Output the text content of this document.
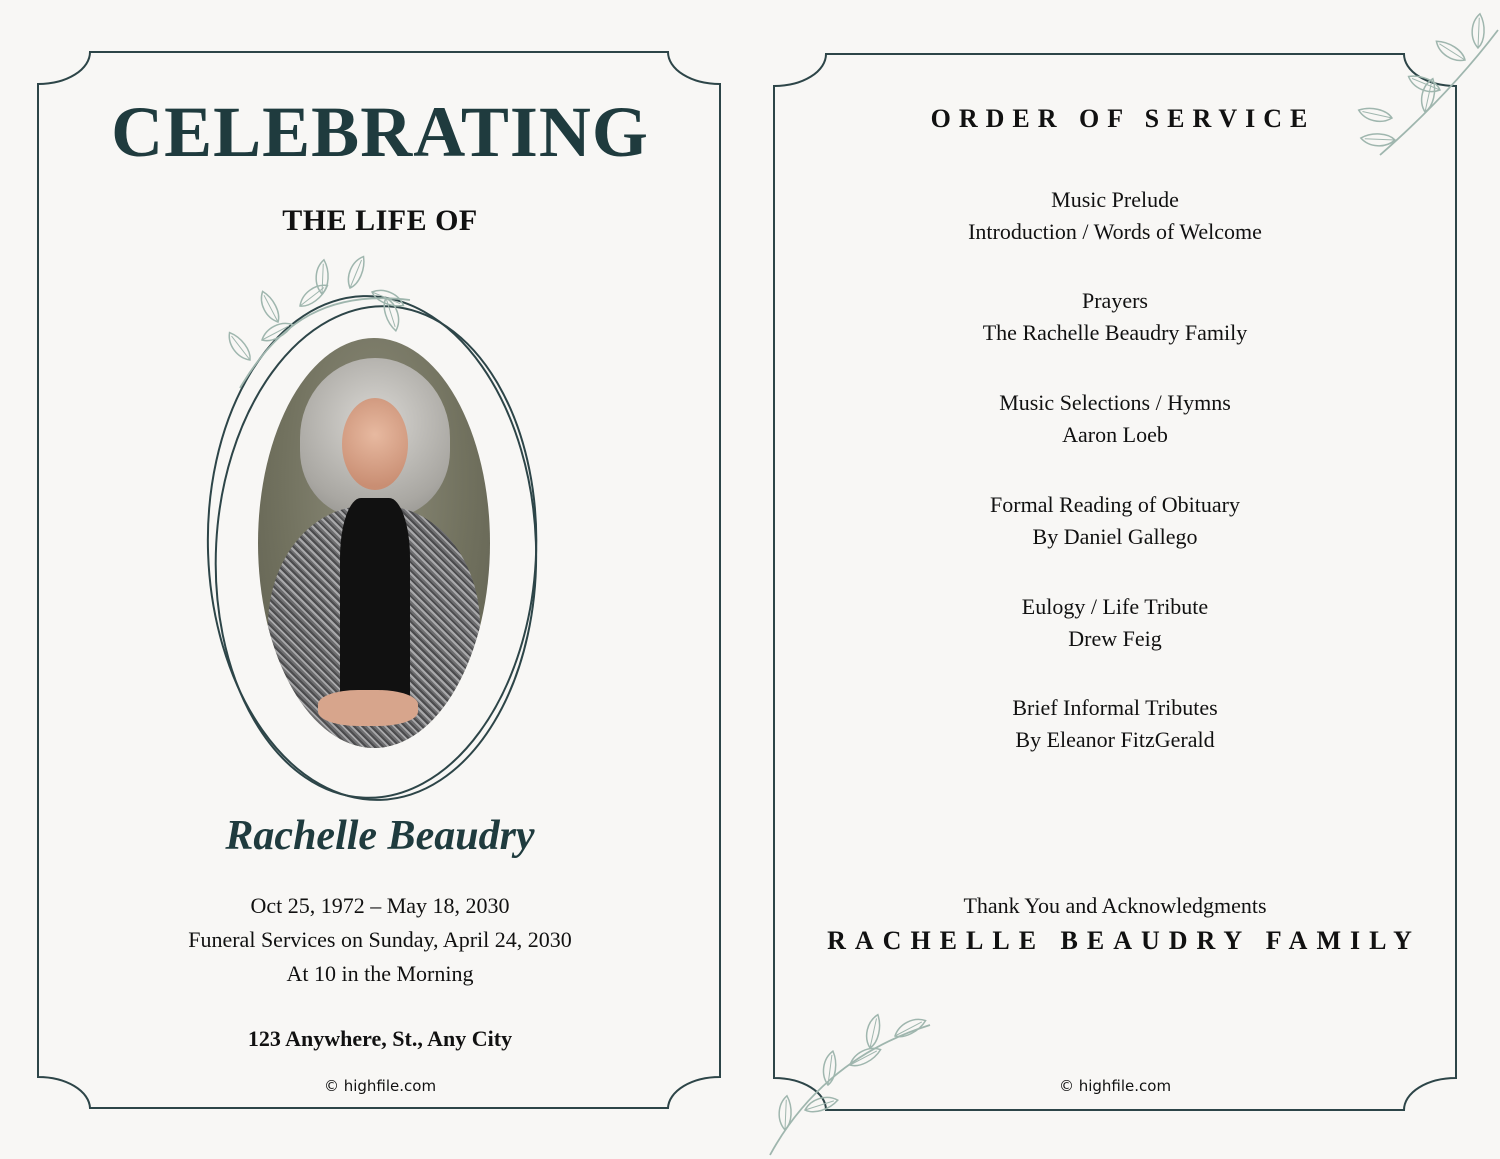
CELEBRATING
THE LIFE OF
Rachelle Beaudry
Oct 25, 1972 – May 18, 2030
Funeral Services on Sunday, April 24, 2030
At 10 in the Morning
123 Anywhere, St., Any City
© highfile.com
ORDER OF SERVICE
Music Prelude
Introduction / Words of Welcome
Prayers
The Rachelle Beaudry Family
Music Selections / Hymns
Aaron Loeb
Formal Reading of Obituary
By Daniel Gallego
Eulogy / Life Tribute
Drew Feig
Brief Informal Tributes
By Eleanor FitzGerald
Thank You and Acknowledgments
RACHELLE BEAUDRY FAMILY
© highfile.com
